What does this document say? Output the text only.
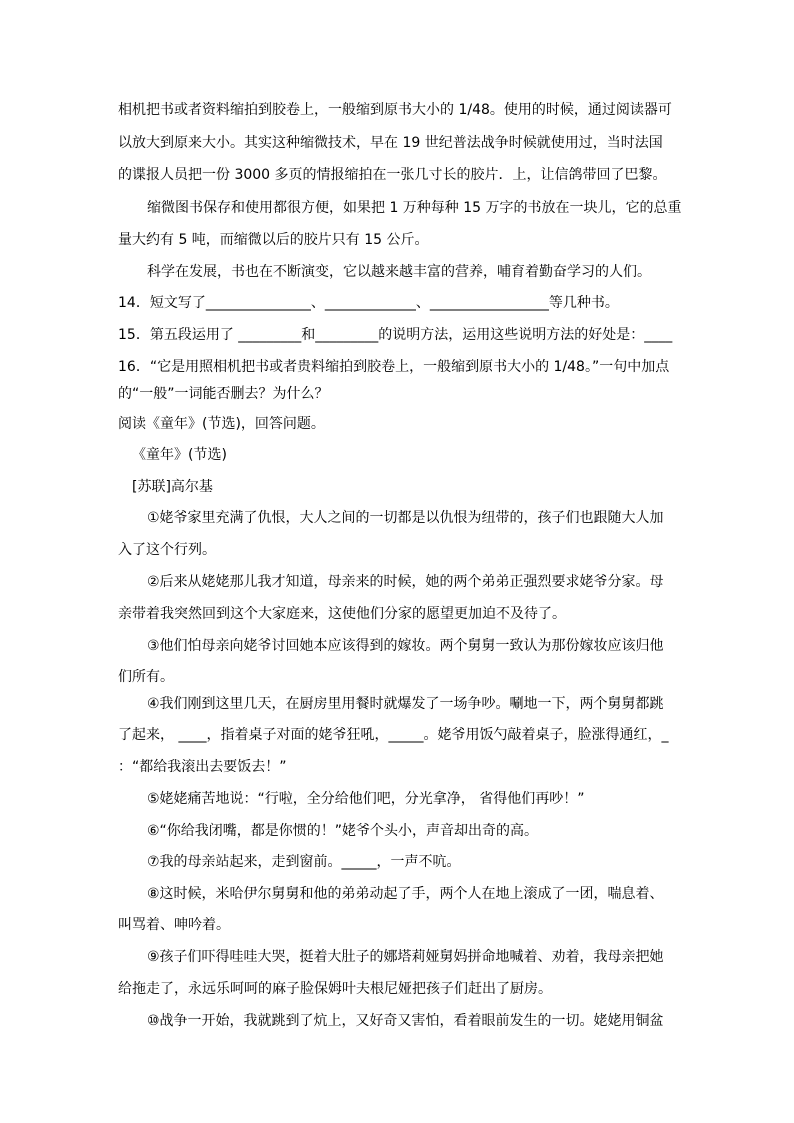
相机把书或者资料缩拍到胶卷上，一般缩到原书大小的 1/48。使用的时候，通过阅读器可
以放大到原来大小。其实这种缩微技术，早在 19 世纪普法战争时候就使用过，当时法国
的谍报人员把一份 3000 多页的情报缩拍在一张几寸长的胶片．上，让信鸽带回了巴黎。
缩微图书保存和使用都很方便，如果把 1 万种每种 15 万字的书放在一块儿，它的总重
量大约有 5 吨，而缩微以后的胶片只有 15 公斤。
科学在发展，书也在不断演变，它以越来越丰富的营养，哺育着勤奋学习的人们。
14．短文写了_______________、_____________、_________________等几种书。
15．第五段运用了 _________和_________的说明方法，运用这些说明方法的好处是：____
16．“它是用照相机把书或者贵料缩拍到胶卷上，一般缩到原书大小的 1/48。”一句中加点
的“一般”一词能否删去？为什么？
阅读《童年》(节选)，回答问题。
《童年》(节选)
[苏联]高尔基
①姥爷家里充满了仇恨，大人之间的一切都是以仇恨为纽带的，孩子们也跟随大人加
入了这个行列。
②后来从姥姥那儿我才知道，母亲来的时候，她的两个弟弟正强烈要求姥爷分家。母
亲带着我突然回到这个大家庭来，这使他们分家的愿望更加迫不及待了。
③他们怕母亲向姥爷讨回她本应该得到的嫁妆。两个舅舅一致认为那份嫁妆应该归他
们所有。
④我们刚到这里几天，在厨房里用餐时就爆发了一场争吵。唰地一下，两个舅舅都跳
了起来， ____，指着桌子对面的姥爷狂吼，_____。姥爷用饭勺敲着桌子，脸涨得通红，_
：“都给我滚出去要饭去！”
⑤姥姥痛苦地说：“行啦，全分给他们吧，分光拿净， 省得他们再吵！”
⑥“你给我闭嘴，都是你惯的！”姥爷个头小，声音却出奇的高。
⑦我的母亲站起来，走到窗前。_____，一声不吭。
⑧这时候，米哈伊尔舅舅和他的弟弟动起了手，两个人在地上滚成了一团，喘息着、
叫骂着、呻吟着。
⑨孩子们吓得哇哇大哭，挺着大肚子的娜塔莉娅舅妈拼命地喊着、劝着，我母亲把她
给拖走了，永远乐呵呵的麻子脸保姆叶夫根尼娅把孩子们赶出了厨房。
⑩战争一开始，我就跳到了炕上，又好奇又害怕，看着眼前发生的一切。姥姥用铜盆
